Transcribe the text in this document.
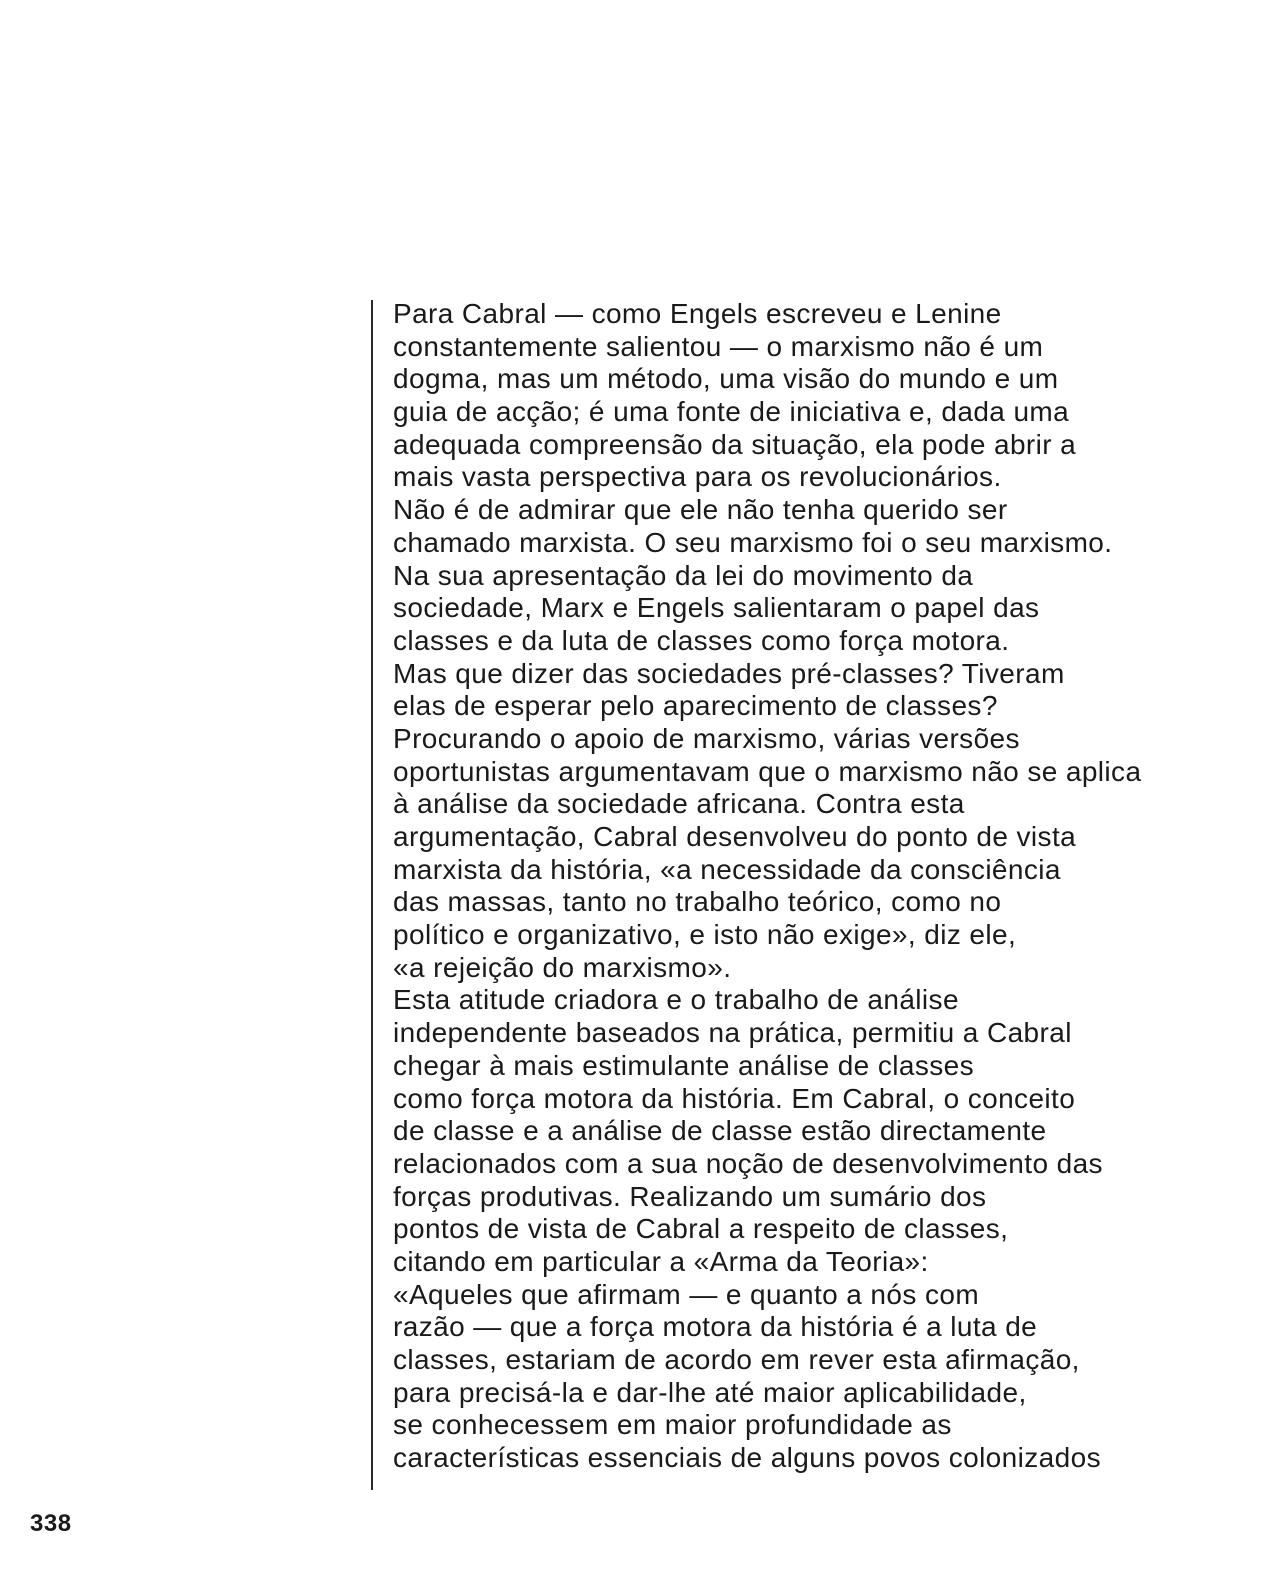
Para Cabral — como Engels escreveu e Lenine
constantemente salientou — o marxismo não é um
dogma, mas um método, uma visão do mundo e um
guia de acção; é uma fonte de iniciativa e, dada uma
adequada compreensão da situação, ela pode abrir a
mais vasta perspectiva para os revolucionários.
Não é de admirar que ele não tenha querido ser
chamado marxista. O seu marxismo foi o seu marxismo.
Na sua apresentação da lei do movimento da
sociedade, Marx e Engels salientaram o papel das
classes e da luta de classes como força motora.
Mas que dizer das sociedades pré-classes? Tiveram
elas de esperar pelo aparecimento de classes?
Procurando o apoio de marxismo, várias versões
oportunistas argumentavam que o marxismo não se aplica
à análise da sociedade africana. Contra esta
argumentação, Cabral desenvolveu do ponto de vista
marxista da história, «a necessidade da consciência
das massas, tanto no trabalho teórico, como no
político e organizativo, e isto não exige», diz ele,
«a rejeição do marxismo».
Esta atitude criadora e o trabalho de análise
independente baseados na prática, permitiu a Cabral
chegar à mais estimulante análise de classes
como força motora da história. Em Cabral, o conceito
de classe e a análise de classe estão directamente
relacionados com a sua noção de desenvolvimento das
forças produtivas. Realizando um sumário dos
pontos de vista de Cabral a respeito de classes,
citando em particular a «Arma da Teoria»:
«Aqueles que afirmam — e quanto a nós com
razão — que a força motora da história é a luta de
classes, estariam de acordo em rever esta afirmação,
para precisá-la e dar-lhe até maior aplicabilidade,
se conhecessem em maior profundidade as
características essenciais de alguns povos colonizados
338
